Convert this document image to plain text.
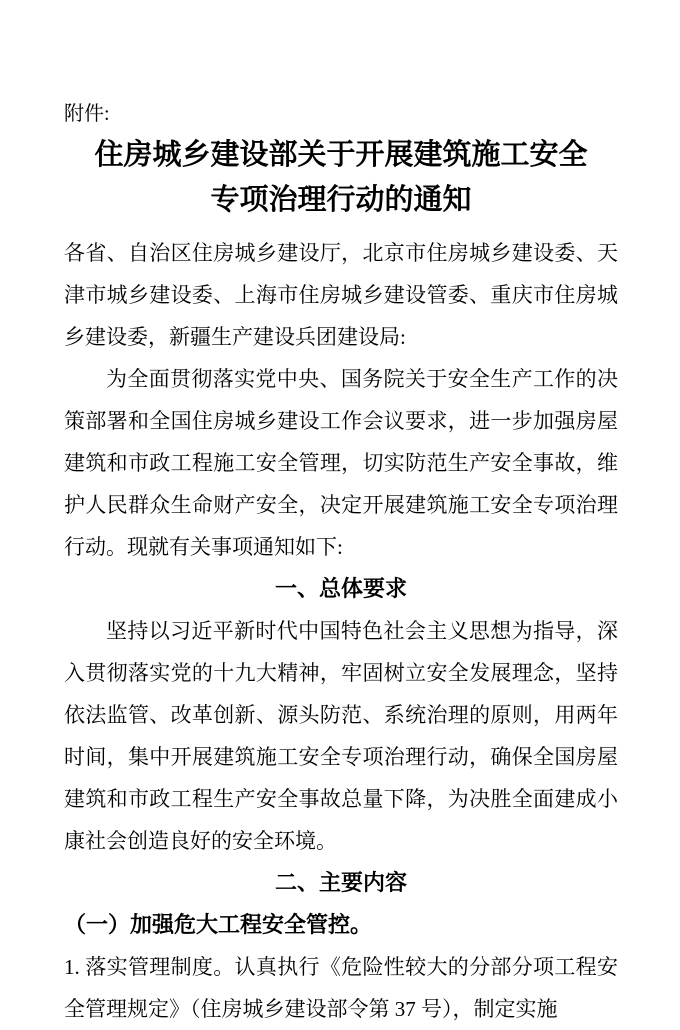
附件:
住房城乡建设部关于开展建筑施工安全专项治理行动的通知

各省、自治区住房城乡建设厅，北京市住房城乡建设委、天津市城乡建设委、上海市住房城乡建设管委、重庆市住房城乡建设委，新疆生产建设兵团建设局:

为全面贯彻落实党中央、国务院关于安全生产工作的决策部署和全国住房城乡建设工作会议要求，进一步加强房屋建筑和市政工程施工安全管理，切实防范生产安全事故，维护人民群众生命财产安全，决定开展建筑施工安全专项治理行动。现就有关事项通知如下:

一、总体要求

坚持以习近平新时代中国特色社会主义思想为指导，深入贯彻落实党的十九大精神，牢固树立安全发展理念，坚持依法监管、改革创新、源头防范、系统治理的原则，用两年时间，集中开展建筑施工安全专项治理行动，确保全国房屋建筑和市政工程生产安全事故总量下降，为决胜全面建成小康社会创造良好的安全环境。

二、主要内容
（一）加强危大工程安全管控。

1. 落实管理制度。认真执行《危险性较大的分部分项工程安全管理规定》（住房城乡建设部令第 37 号），制定实施
